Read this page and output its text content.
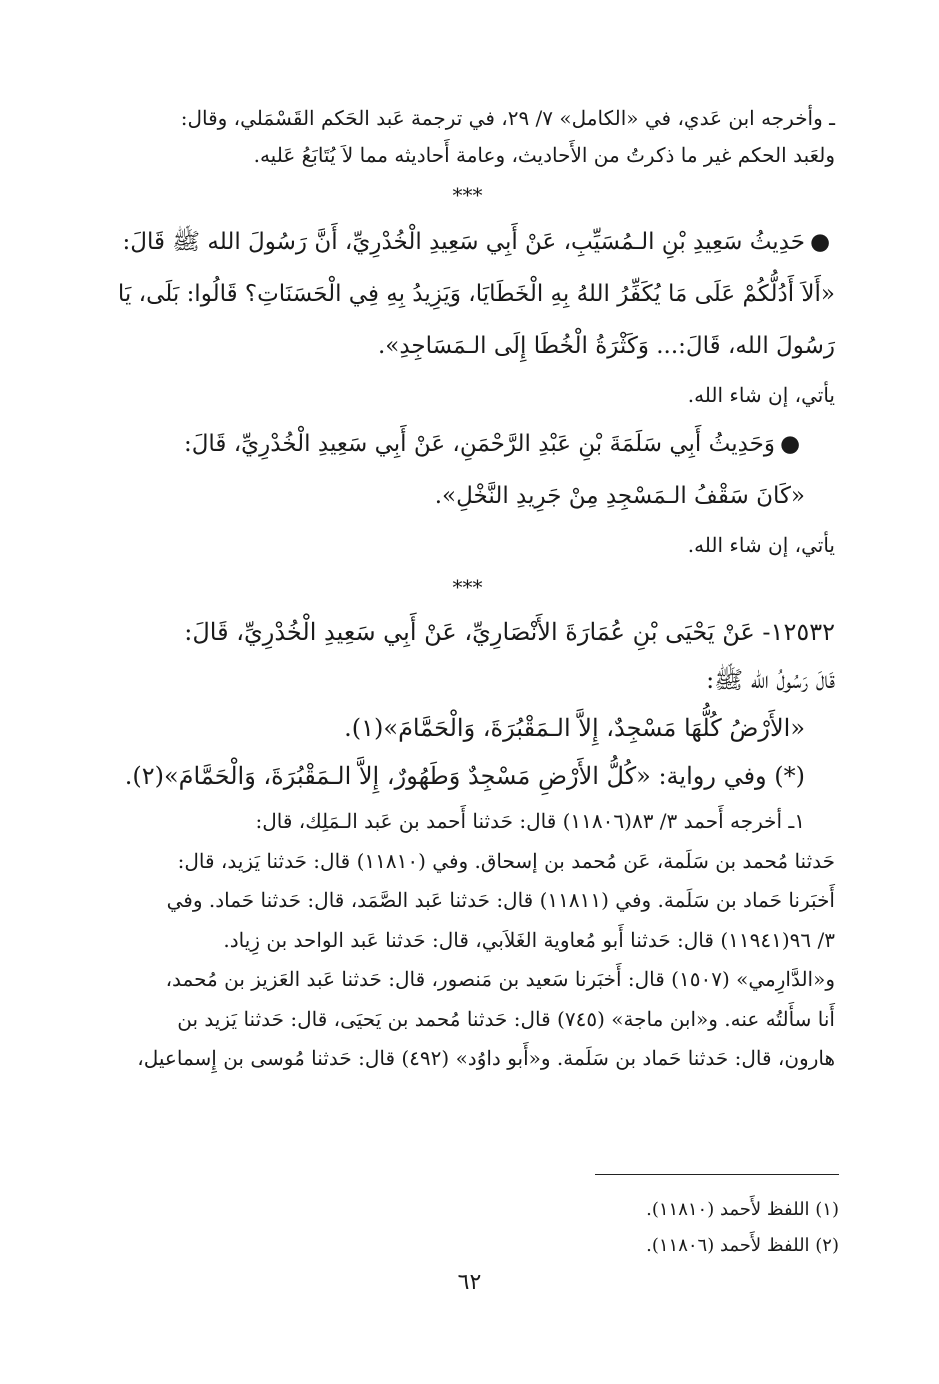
ـ وأخرجه ابن عَدي، في «الكامل» ٧/ ٢٩، في ترجمة عَبد الحَكم القَسْمَلي، وقال:
ولعَبد الحكم غير ما ذكرتُ من الأَحاديث، وعامة أَحاديثه مما لاَ يُتَابَعُ عَليه.
***
●حَدِيثُ سَعِيدِ بْنِ الـمُسَيِّبِ، عَنْ أَبِي سَعِيدِ الْخُدْرِيِّ، أَنَّ رَسُولَ الله ﷺ قَالَ:
«أَلاَ أَدُلُّكُمْ عَلَى مَا يُكَفِّرُ اللهُ بِهِ الْخَطَايَا، وَيَزِيدُ بِهِ فِي الْحَسَنَاتِ؟ قَالُوا: بَلَى، يَا
رَسُولَ الله، قَالَ:... وَكَثْرَةُ الْخُطَا إِلَى الـمَسَاجِدِ».
يأتي، إن شاء الله.
●وَحَدِيثُ أَبِي سَلَمَةَ بْنِ عَبْدِ الرَّحْمَنِ، عَنْ أَبِي سَعِيدِ الْخُدْرِيِّ، قَالَ:
«كَانَ سَقْفُ الـمَسْجِدِ مِنْ جَرِيدِ النَّخْلِ».
يأتي، إن شاء الله.
***
١٢٥٣٢- عَنْ يَحْيَى بْنِ عُمَارَةَ الأَنْصَارِيِّ، عَنْ أَبِي سَعِيدِ الْخُدْرِيِّ، قَالَ:
قَالَ رَسُولُ الله ﷺ:
«الأَرْضُ كُلُّهَا مَسْجِدٌ، إِلاَّ الـمَقْبُرَةَ، وَالْحَمَّامَ»(١).
(*) وفي رواية: «كُلُّ الأَرْضِ مَسْجِدٌ وَطَهُورٌ، إِلاَّ الـمَقْبُرَةَ، وَالْحَمَّامَ»(٢).
١ـ أخرجه أَحمد ٣/ ٨٣(١١٨٠٦) قال: حَدثنا أَحمد بن عَبد الـمَلِك، قال:
حَدثنا مُحمد بن سَلَمة، عَن مُحمد بن إسحاق. وفي (١١٨١٠) قال: حَدثنا يَزيد، قال:
أَخبَرنا حَماد بن سَلَمة. وفي (١١٨١١) قال: حَدثنا عَبد الصَّمَد، قال: حَدثنا حَماد. وفي
٣/ ٩٦(١١٩٤١) قال: حَدثنا أَبو مُعاوية الغَلاَبي، قال: حَدثنا عَبد الواحد بن زِياد.
و«الدَّارِمي» (١٥٠٧) قال: أَخبَرنا سَعيد بن مَنصور، قال: حَدثنا عَبد العَزيز بن مُحمد،
أَنا سأَلتُه عنه. و«ابن ماجة» (٧٤٥) قال: حَدثنا مُحمد بن يَحيَى، قال: حَدثنا يَزيد بن
هارون، قال: حَدثنا حَماد بن سَلَمة. و«أَبو داوُد» (٤٩٢) قال: حَدثنا مُوسى بن إِسماعيل،
(١) اللفظ لأَحمد (١١٨١٠).
(٢) اللفظ لأَحمد (١١٨٠٦).
٦٢
